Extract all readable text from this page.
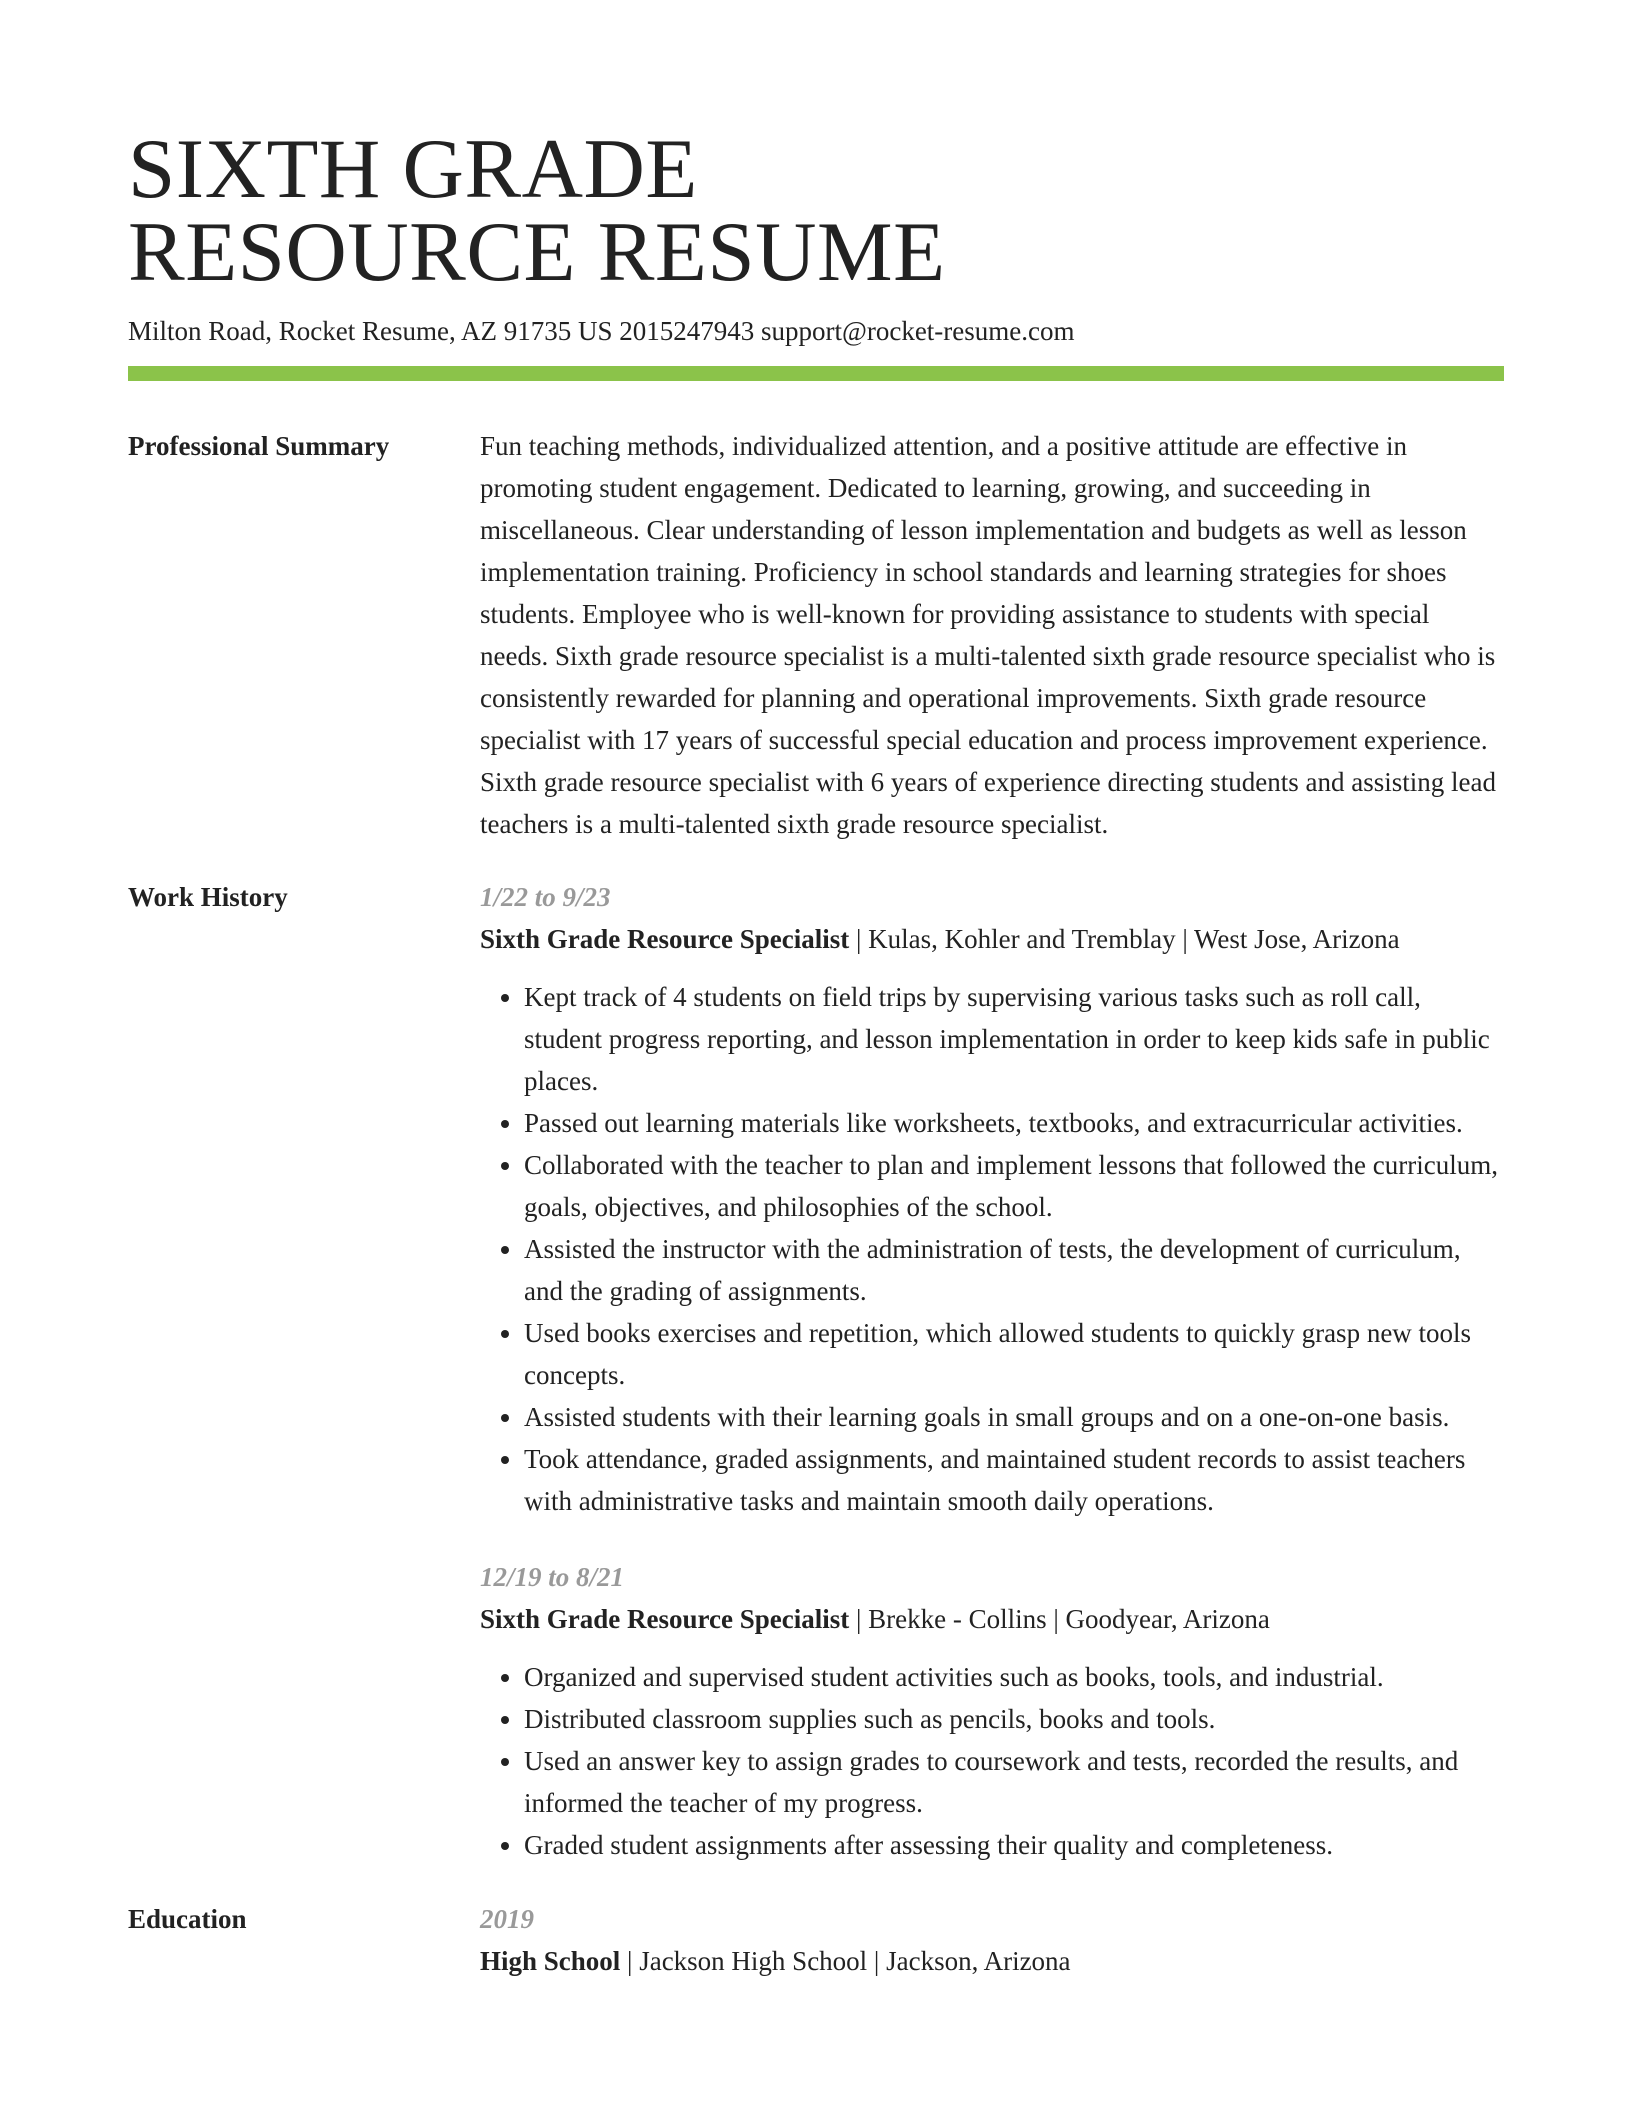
SIXTH GRADE
RESOURCE RESUME
Milton Road, Rocket Resume, AZ 91735 US 2015247943 support@rocket-resume.com
Professional Summary	Fun teaching methods, individualized attention, and a positive attitude are effective in promoting student engagement. Dedicated to learning, growing, and succeeding in miscellaneous. Clear understanding of lesson implementation and budgets as well as lesson implementation training. Proficiency in school standards and learning strategies for shoes students. Employee who is well-known for providing assistance to students with special needs. Sixth grade resource specialist is a multi-talented sixth grade resource specialist who is consistently rewarded for planning and operational improvements. Sixth grade resource specialist with 17 years of successful special education and process improvement experience. Sixth grade resource specialist with 6 years of experience directing students and assisting lead teachers is a multi-talented sixth grade resource specialist.

Work History	1/22 to 9/23

Sixth Grade Resource Specialist | Kulas, Kohler and Tremblay | West Jose, Arizona

• Kept track of 4 students on field trips by supervising various tasks such as roll call, student progress reporting, and lesson implementation in order to keep kids safe in public places.
• Passed out learning materials like worksheets, textbooks, and extracurricular activities.
• Collaborated with the teacher to plan and implement lessons that followed the curriculum, goals, objectives, and philosophies of the school.
• Assisted the instructor with the administration of tests, the development of curriculum, and the grading of assignments.
• Used books exercises and repetition, which allowed students to quickly grasp new tools concepts.
• Assisted students with their learning goals in small groups and on a one-on-one basis.
• Took attendance, graded assignments, and maintained student records to assist teachers with administrative tasks and maintain smooth daily operations.
12/19 to 8/21

Sixth Grade Resource Specialist | Brekke - Collins | Goodyear, Arizona

• Organized and supervised student activities such as books, tools, and industrial.
• Distributed classroom supplies such as pencils, books and tools.
• Used an answer key to assign grades to coursework and tests, recorded the results, and informed the teacher of my progress.
• Graded student assignments after assessing their quality and completeness.
Education	2019

High School | Jackson High School | Jackson, Arizona
